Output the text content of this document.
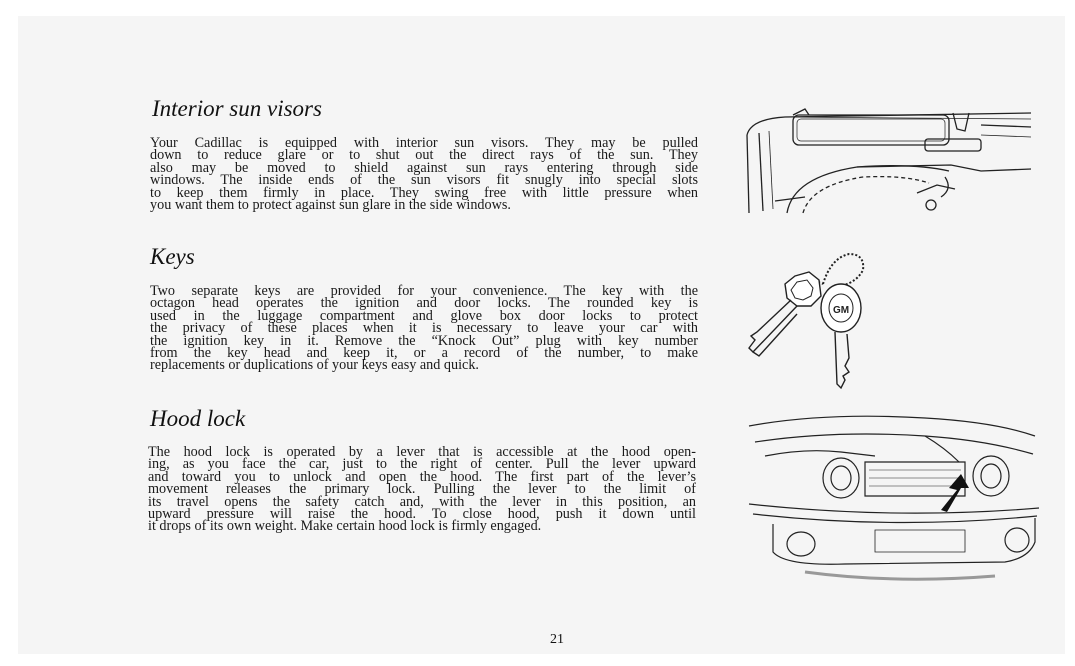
Interior sun visors

Your Cadillac is equipped with interior sun visors. They may be pulled
down to reduce glare or to shut out the direct rays of the sun. They
also may be moved to shield against sun rays entering through side
windows. The inside ends of the sun visors fit snugly into special slots
to keep them firmly in place. They swing free with little pressure when
you want them to protect against sun glare in the side windows.

Keys

Two separate keys are provided for your convenience. The key with the
octagon head operates the ignition and door locks. The rounded key is
used in the luggage compartment and glove box door locks to protect
the privacy of these places when it is necessary to leave your car with
the ignition key in it. Remove the “Knock Out” plug with key number
from the key head and keep it, or a record of the number, to make
replacements or duplications of your keys easy and quick.

Hood lock

The hood lock is operated by a lever that is accessible at the hood open-
ing, as you face the car, just to the right of center. Pull the lever upward
and toward you to unlock and open the hood. The first part of the lever’s
movement releases the primary lock. Pulling the lever to the limit of
its travel opens the safety catch and, with the lever in this position, an
upward pressure will raise the hood. To close hood, push it down until
it drops of its own weight. Make certain hood lock is firmly engaged.

GM

21
